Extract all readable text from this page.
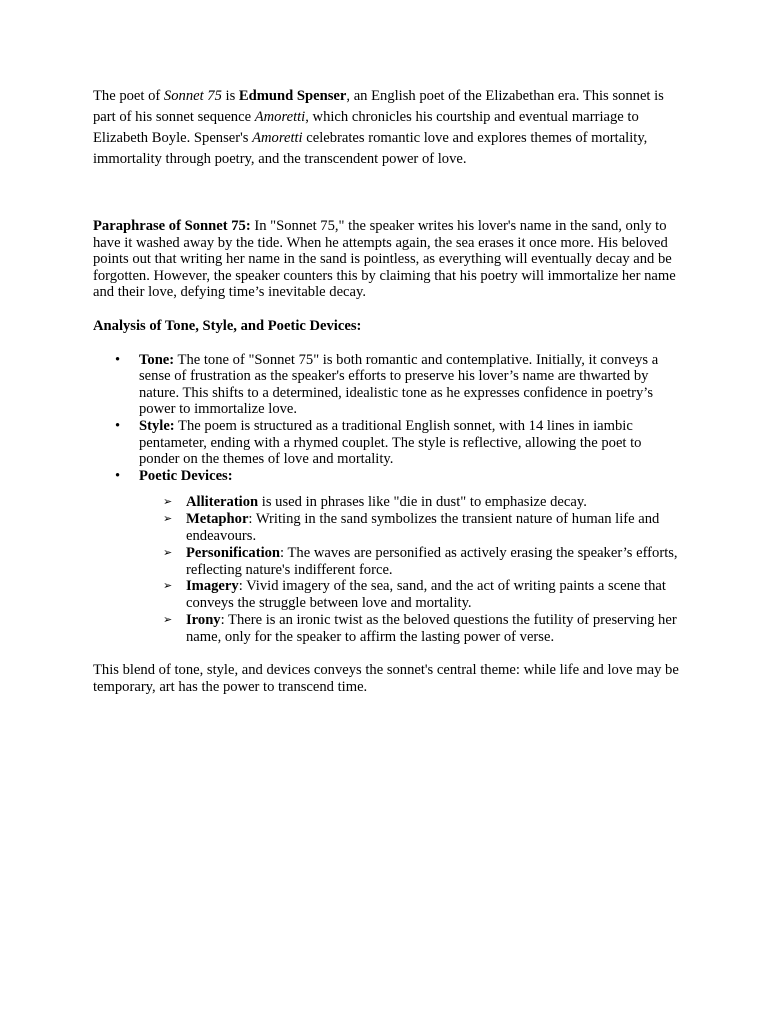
The poet of Sonnet 75 is Edmund Spenser, an English poet of the Elizabethan era. This sonnet is part of his sonnet sequence Amoretti, which chronicles his courtship and eventual marriage to Elizabeth Boyle. Spenser's Amoretti celebrates romantic love and explores themes of mortality, immortality through poetry, and the transcendent power of love.

Paraphrase of Sonnet 75: In "Sonnet 75," the speaker writes his lover's name in the sand, only to have it washed away by the tide. When he attempts again, the sea erases it once more. His beloved points out that writing her name in the sand is pointless, as everything will eventually decay and be forgotten. However, the speaker counters this by claiming that his poetry will immortalize her name and their love, defying time’s inevitable decay.

Analysis of Tone, Style, and Poetic Devices:

• Tone: The tone of "Sonnet 75" is both romantic and contemplative. Initially, it conveys a sense of frustration as the speaker's efforts to preserve his lover’s name are thwarted by nature. This shifts to a determined, idealistic tone as he expresses confidence in poetry’s power to immortalize love.
• Style: The poem is structured as a traditional English sonnet, with 14 lines in iambic pentameter, ending with a rhymed couplet. The style is reflective, allowing the poet to ponder on the themes of love and mortality.
• Poetic Devices:
➢ Alliteration is used in phrases like "die in dust" to emphasize decay.
➢ Metaphor: Writing in the sand symbolizes the transient nature of human life and endeavours.
➢ Personification: The waves are personified as actively erasing the speaker’s efforts, reflecting nature's indifferent force.
➢ Imagery: Vivid imagery of the sea, sand, and the act of writing paints a scene that conveys the struggle between love and mortality.
➢ Irony: There is an ironic twist as the beloved questions the futility of preserving her name, only for the speaker to affirm the lasting power of verse.

This blend of tone, style, and devices conveys the sonnet's central theme: while life and love may be temporary, art has the power to transcend time.
